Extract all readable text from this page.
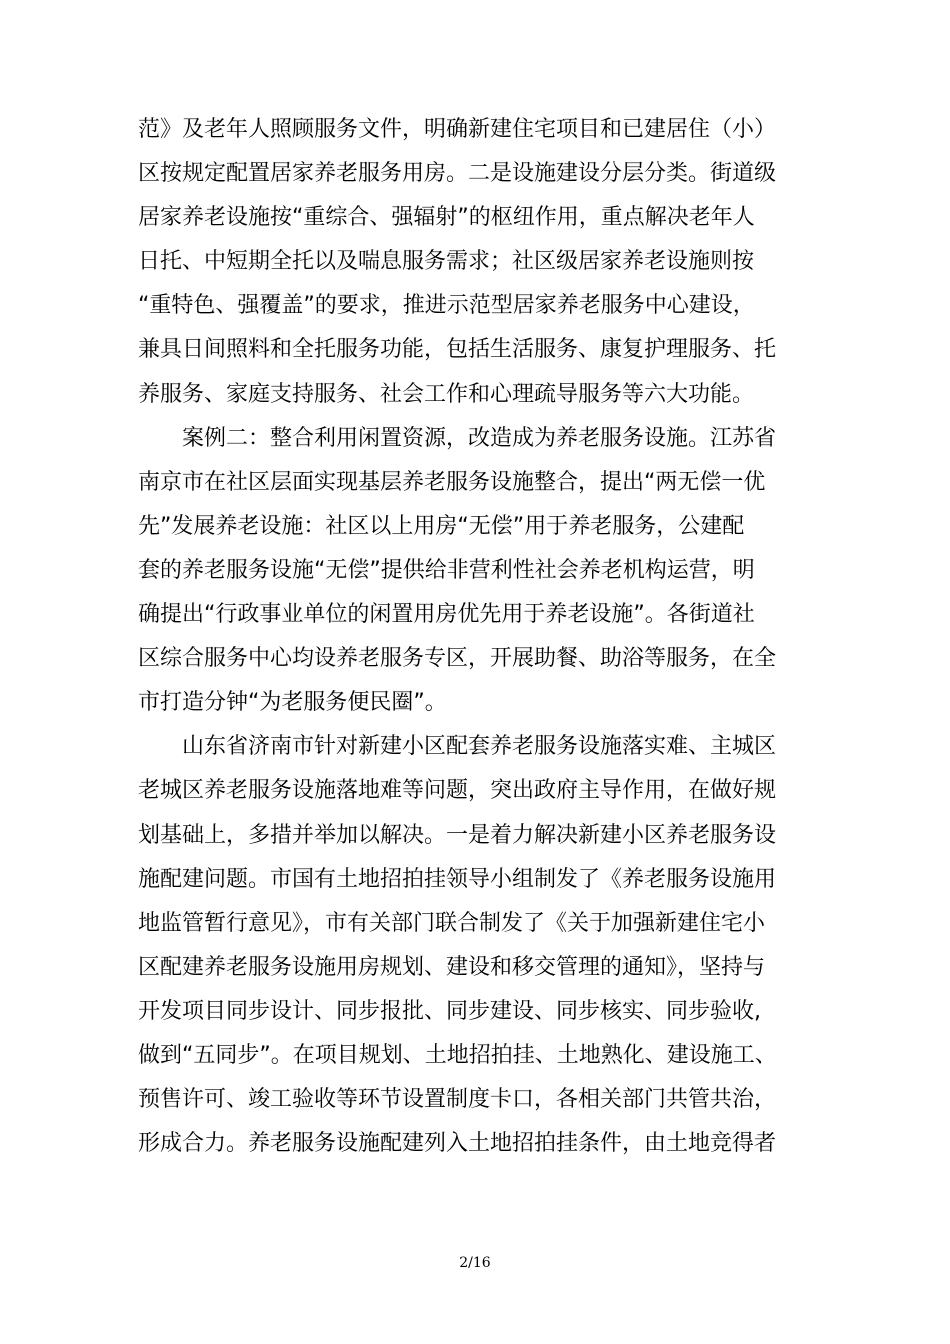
范》及老年人照顾服务文件，明确新建住宅项目和已建居住（小）
区按规定配置居家养老服务用房。二是设施建设分层分类。街道级
居家养老设施按“重综合、强辐射”的枢纽作用，重点解决老年人
日托、中短期全托以及喘息服务需求；社区级居家养老设施则按
“重特色、强覆盖”的要求，推进示范型居家养老服务中心建设，
兼具日间照料和全托服务功能，包括生活服务、康复护理服务、托
养服务、家庭支持服务、社会工作和心理疏导服务等六大功能。
　　案例二：整合利用闲置资源，改造成为养老服务设施。江苏省
南京市在社区层面实现基层养老服务设施整合，提出“两无偿一优
先”发展养老设施：社区以上用房“无偿”用于养老服务，公建配
套的养老服务设施“无偿”提供给非营利性社会养老机构运营，明
确提出“行政事业单位的闲置用房优先用于养老设施”。各街道社
区综合服务中心均设养老服务专区，开展助餐、助浴等服务，在全
市打造分钟“为老服务便民圈”。
　　山东省济南市针对新建小区配套养老服务设施落实难、主城区
老城区养老服务设施落地难等问题，突出政府主导作用，在做好规
划基础上，多措并举加以解决。一是着力解决新建小区养老服务设
施配建问题。市国有土地招拍挂领导小组制发了《养老服务设施用
地监管暂行意见》，市有关部门联合制发了《关于加强新建住宅小
区配建养老服务设施用房规划、建设和移交管理的通知》，坚持与
开发项目同步设计、同步报批、同步建设、同步核实、同步验收,
做到“五同步”。在项目规划、土地招拍挂、土地熟化、建设施工、
预售许可、竣工验收等环节设置制度卡口，各相关部门共管共治，
形成合力。养老服务设施配建列入土地招拍挂条件，由土地竞得者
2/16
